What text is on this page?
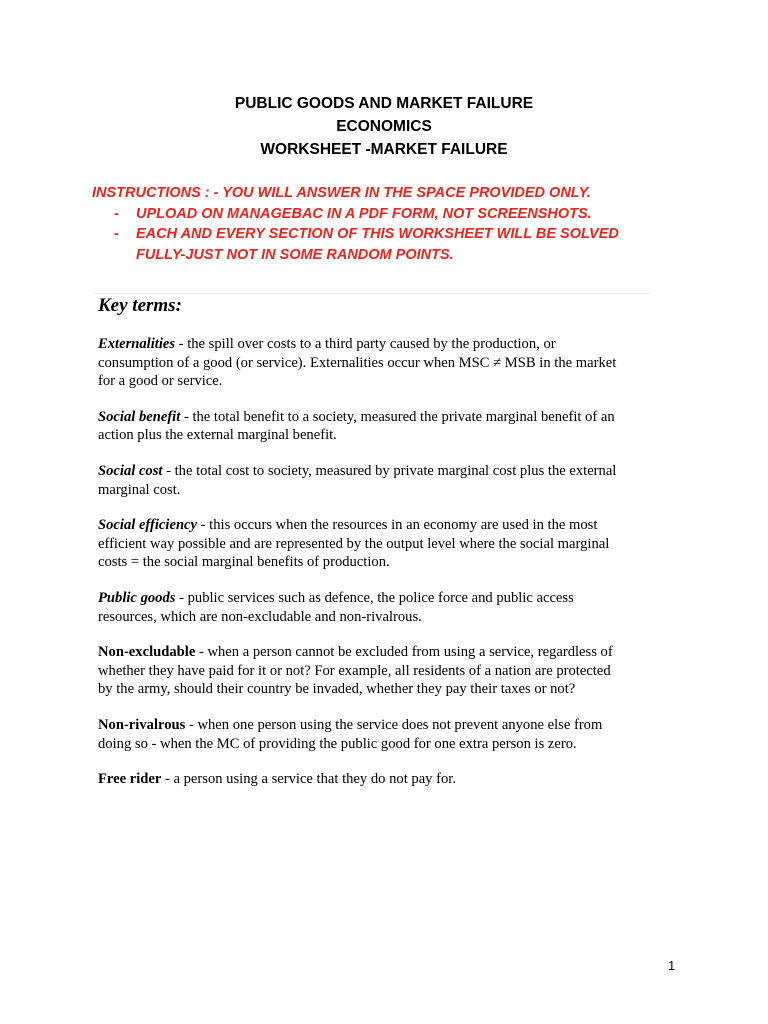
PUBLIC GOODS AND MARKET FAILURE
ECONOMICS
WORKSHEET -MARKET FAILURE
INSTRUCTIONS : - YOU WILL ANSWER IN THE SPACE PROVIDED ONLY.
-	UPLOAD ON MANAGEBAC IN A PDF FORM, NOT SCREENSHOTS.
-	EACH AND EVERY SECTION OF THIS WORKSHEET WILL BE SOLVED
FULLY-JUST NOT IN SOME RANDOM POINTS.
Key terms:
Externalities - the spill over costs to a third party caused by the production, or
consumption of a good (or service). Externalities occur when MSC ≠ MSB in the market
for a good or service.
Social benefit - the total benefit to a society, measured the private marginal benefit of an
action plus the external marginal benefit.
Social cost - the total cost to society, measured by private marginal cost plus the external
marginal cost.
Social efficiency - this occurs when the resources in an economy are used in the most
efficient way possible and are represented by the output level where the social marginal
costs = the social marginal benefits of production.
Public goods - public services such as defence, the police force and public access
resources, which are non-excludable and non-rivalrous.
Non-excludable - when a person cannot be excluded from using a service, regardless of
whether they have paid for it or not? For example, all residents of a nation are protected
by the army, should their country be invaded, whether they pay their taxes or not?
Non-rivalrous - when one person using the service does not prevent anyone else from
doing so - when the MC of providing the public good for one extra person is zero.
Free rider - a person using a service that they do not pay for.
1
